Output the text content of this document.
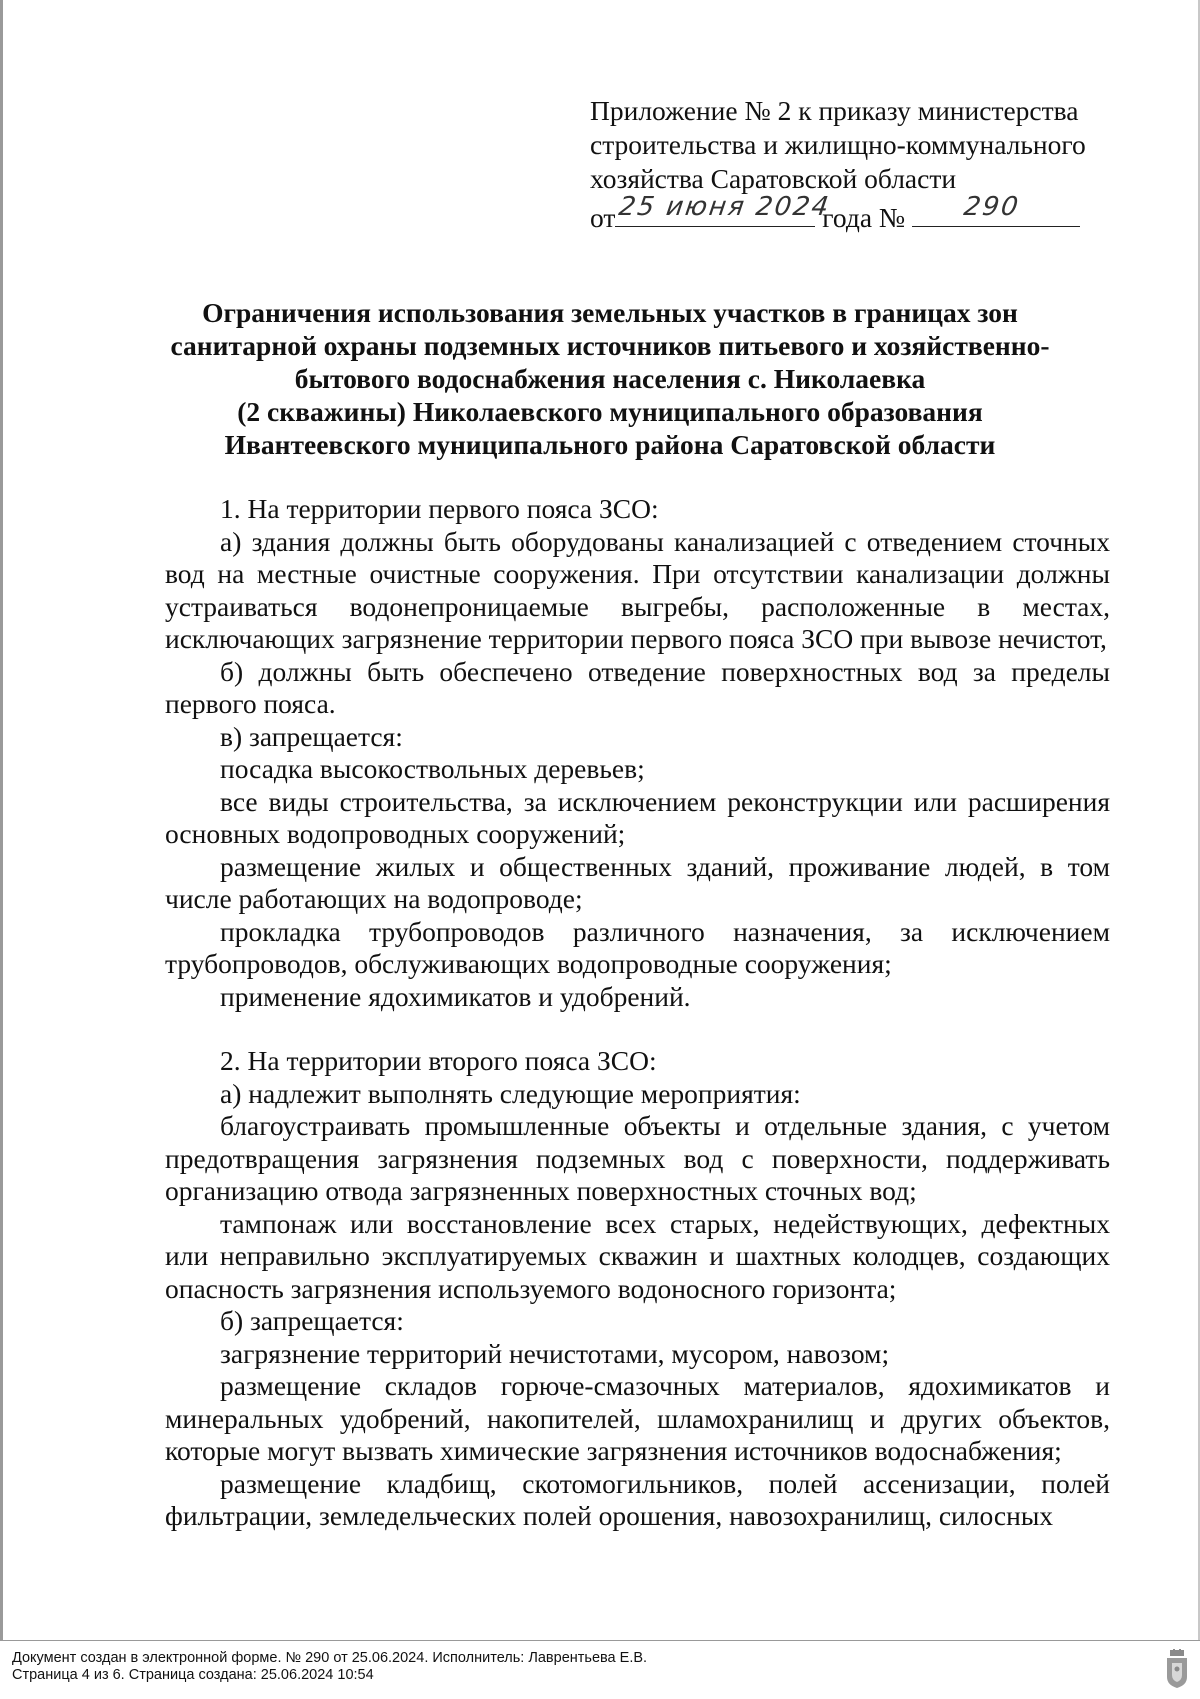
Приложение № 2 к приказу министерства
строительства и жилищно-коммунального
хозяйства Саратовской области
от 25 июня 2024
года № 290
Ограничения использования земельных участков в границах зон
санитарной охраны подземных источников питьевого и хозяйственно-
бытового водоснабжения населения с. Николаевка
(2 скважины) Николаевского муниципального образования
Ивантеевского муниципального района Саратовской области

1. На территории первого пояса ЗСО:

а) здания должны быть оборудованы канализацией с отведением сточных вод на местные очистные сооружения. При отсутствии канализации должны устраиваться водонепроницаемые выгребы, расположенные в местах, исключающих загрязнение территории первого пояса ЗСО при вывозе нечистот,

б) должны быть обеспечено отведение поверхностных вод за пределы первого пояса.

в) запрещается:

посадка высокоствольных деревьев;

все виды строительства, за исключением реконструкции или расширения основных водопроводных сооружений;

размещение жилых и общественных зданий, проживание людей, в том числе работающих на водопроводе;

прокладка трубопроводов различного назначения, за исключением трубопроводов, обслуживающих водопроводные сооружения;

применение ядохимикатов и удобрений.

2. На территории второго пояса ЗСО:

а) надлежит выполнять следующие мероприятия:

благоустраивать промышленные объекты и отдельные здания, с учетом предотвращения загрязнения подземных вод с поверхности, поддерживать организацию отвода загрязненных поверхностных сточных вод;

тампонаж или восстановление всех старых, недействующих, дефектных или неправильно эксплуатируемых скважин и шахтных колодцев, создающих опасность загрязнения используемого водоносного горизонта;

б) запрещается:

загрязнение территорий нечистотами, мусором, навозом;

размещение складов горюче-смазочных материалов, ядохимикатов и минеральных удобрений, накопителей, шламохранилищ и других объектов, которые могут вызвать химические загрязнения источников водоснабжения;

размещение кладбищ, скотомогильников, полей ассенизации, полей фильтрации, земледельческих полей орошения, навозохранилищ, силосных

Документ создан в электронной форме. № 290 от 25.06.2024. Исполнитель: Лаврентьева Е.В.
Страница 4 из 6. Страница создана: 25.06.2024 10:54
